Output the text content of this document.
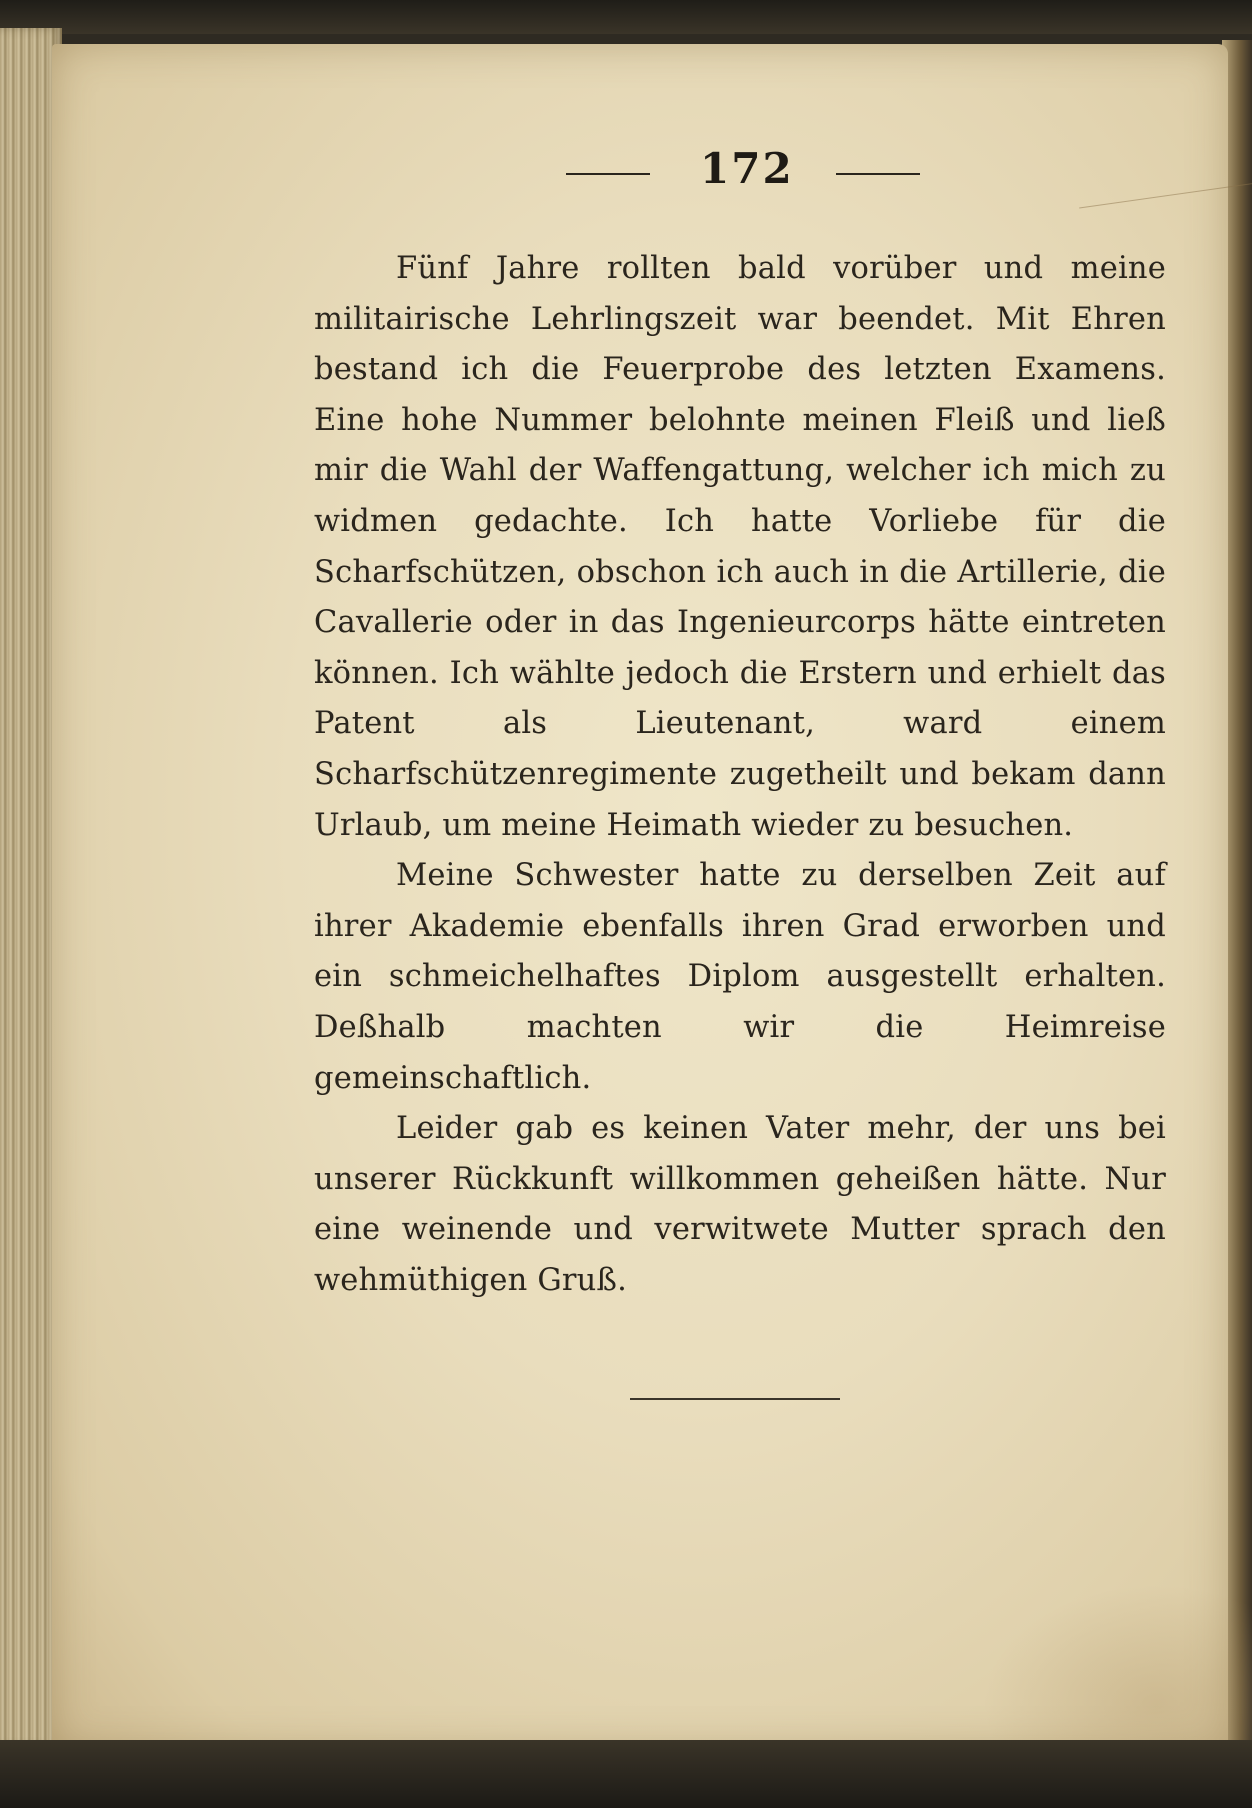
172

Fünf Jahre rollten bald vorüber und meine militairische Lehrlingszeit war beendet. Mit Ehren bestand ich die Feuerprobe des letzten Examens. Eine hohe Nummer belohnte meinen Fleiß und ließ mir die Wahl der Waffengattung, welcher ich mich zu widmen gedachte. Ich hatte Vorliebe für die Scharfschützen, obschon ich auch in die Artillerie, die Cavallerie oder in das Ingenieurcorps hätte eintreten können. Ich wählte jedoch die Erstern und erhielt das Patent als Lieutenant, ward einem Scharfschützenregimente zugetheilt und bekam dann Urlaub, um meine Heimath wieder zu besuchen.

Meine Schwester hatte zu derselben Zeit auf ihrer Akademie ebenfalls ihren Grad erworben und ein schmeichelhaftes Diplom ausgestellt erhalten. Deßhalb machten wir die Heimreise gemeinschaftlich.

Leider gab es keinen Vater mehr, der uns bei unserer Rückkunft willkommen geheißen hätte. Nur eine weinende und verwitwete Mutter sprach den wehmüthigen Gruß.
